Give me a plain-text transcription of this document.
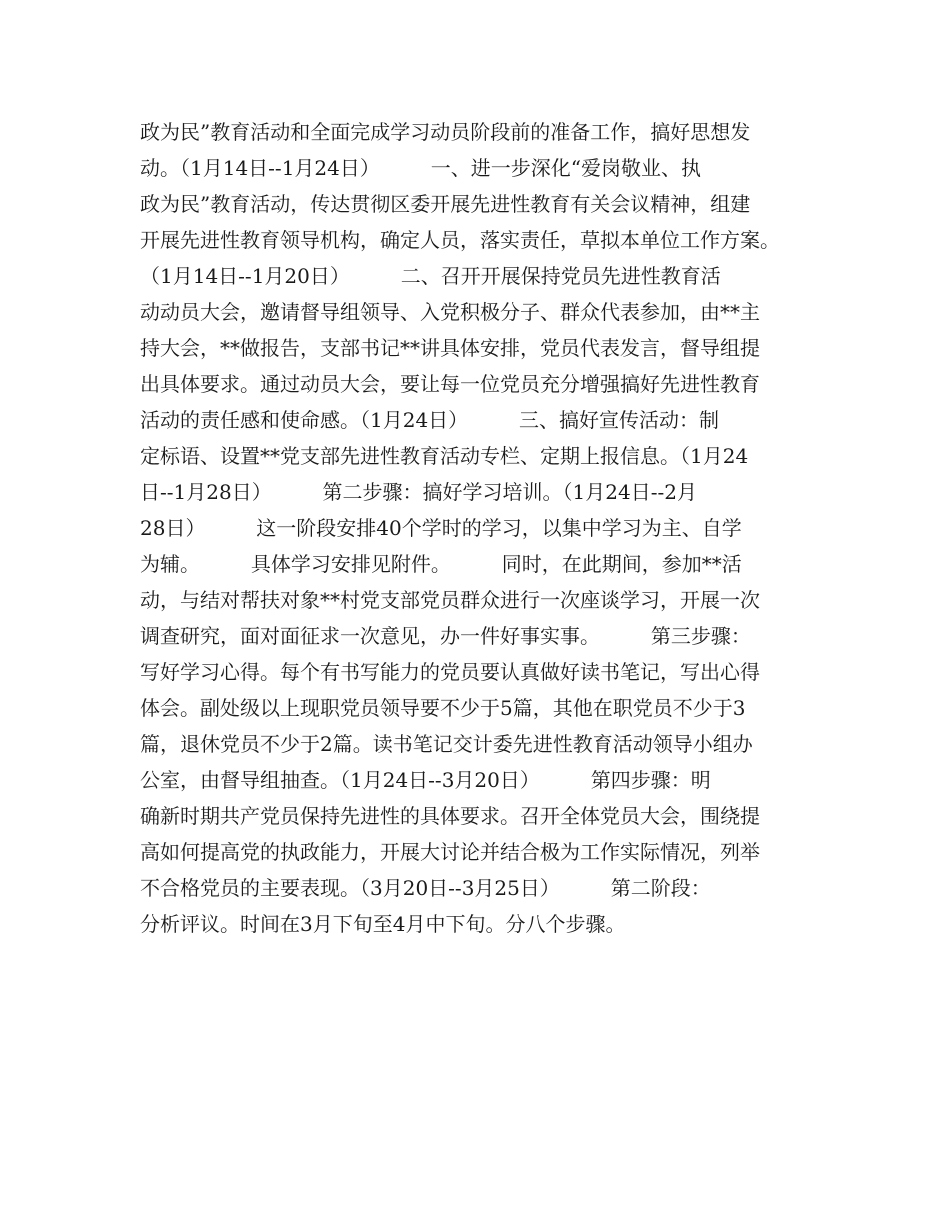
政为民”教育活动和全面完成学习动员阶段前的准备工作，搞好思想发
动。（1月14日--1月24日）        一、进一步深化“爱岗敬业、执
政为民”教育活动，传达贯彻区委开展先进性教育有关会议精神，组建
开展先进性教育领导机构，确定人员，落实责任，草拟本单位工作方案。
（1月14日--1月20日）        二、召开开展保持党员先进性教育活
动动员大会，邀请督导组领导、入党积极分子、群众代表参加，由**主
持大会，**做报告，支部书记**讲具体安排，党员代表发言，督导组提
出具体要求。通过动员大会，要让每一位党员充分增强搞好先进性教育
活动的责任感和使命感。（1月24日）        三、搞好宣传活动：制
定标语、设置**党支部先进性教育活动专栏、定期上报信息。（1月24
日--1月28日）        第二步骤：搞好学习培训。（1月24日--2月
28日）        这一阶段安排40个学时的学习，以集中学习为主、自学
为辅。        具体学习安排见附件。        同时，在此期间，参加**活
动，与结对帮扶对象**村党支部党员群众进行一次座谈学习，开展一次
调查研究，面对面征求一次意见，办一件好事实事。        第三步骤：
写好学习心得。每个有书写能力的党员要认真做好读书笔记，写出心得
体会。副处级以上现职党员领导要不少于5篇，其他在职党员不少于3
篇，退休党员不少于2篇。读书笔记交计委先进性教育活动领导小组办
公室，由督导组抽查。（1月24日--3月20日）        第四步骤：明
确新时期共产党员保持先进性的具体要求。召开全体党员大会，围绕提
高如何提高党的执政能力，开展大讨论并结合极为工作实际情况，列举
不合格党员的主要表现。（3月20日--3月25日）        第二阶段：
分析评议。时间在3月下旬至4月中下旬。分八个步骤。
